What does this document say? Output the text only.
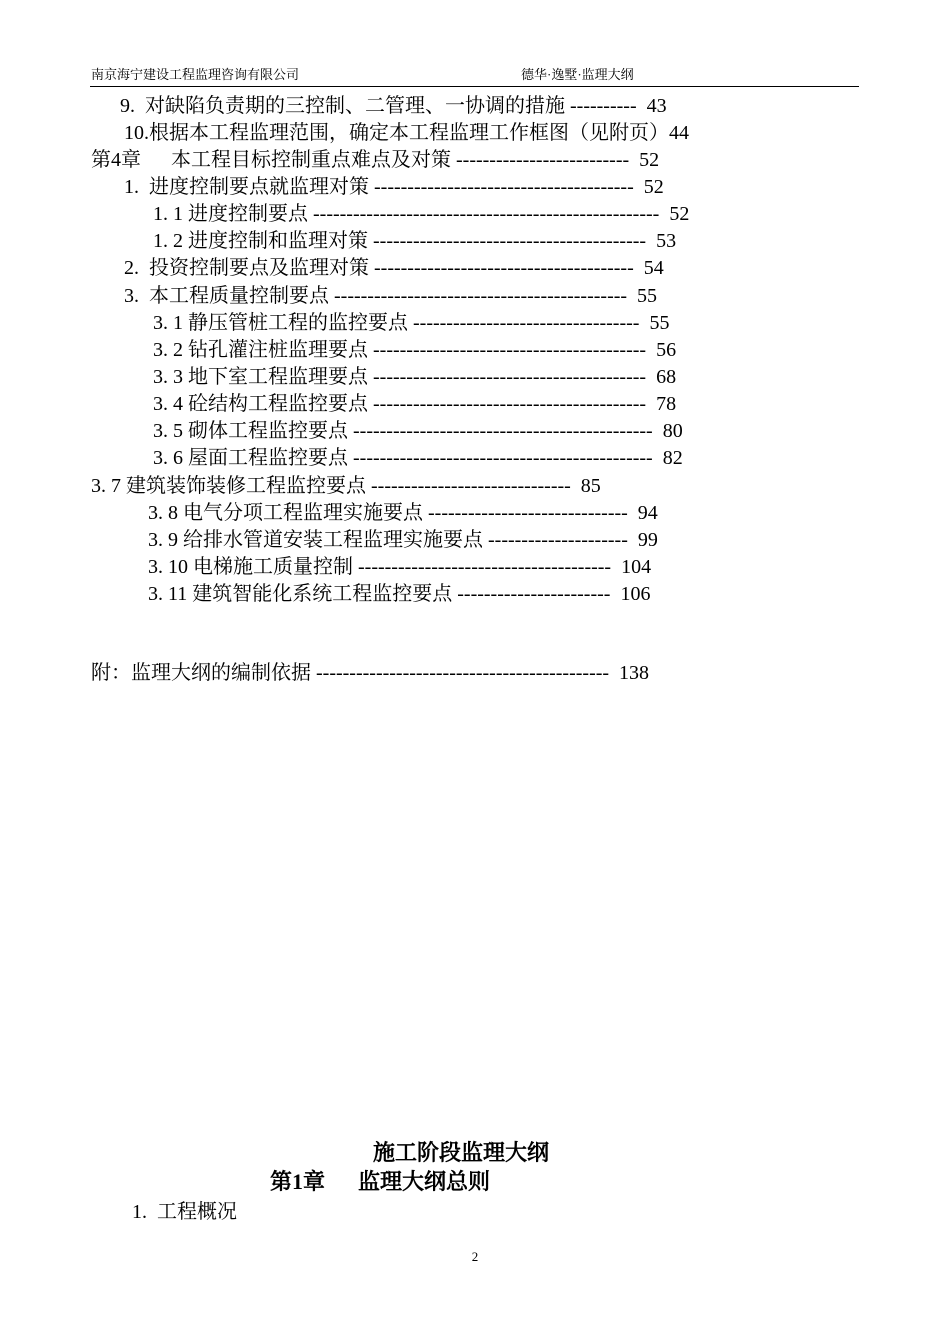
南京海宁建设工程监理咨询有限公司	德华·逸墅·监理大纲
9.  对缺陷负责期的三控制、二管理、一协调的措施 ----------  43
10.根据本工程监理范围，确定本工程监理工作框图（见附页）44
第4章      本工程目标控制重点难点及对策 --------------------------  52
1.  进度控制要点就监理对策 ---------------------------------------  52
1. 1 进度控制要点 ----------------------------------------------------  52
1. 2 进度控制和监理对策 -----------------------------------------  53
2.  投资控制要点及监理对策 ---------------------------------------  54
3.  本工程质量控制要点 --------------------------------------------  55
3. 1 静压管桩工程的监控要点 ----------------------------------  55
3. 2 钻孔灌注桩监理要点 -----------------------------------------  56
3. 3 地下室工程监理要点 -----------------------------------------  68
3. 4 砼结构工程监控要点 -----------------------------------------  78
3. 5 砌体工程监控要点 ---------------------------------------------  80
3. 6 屋面工程监控要点 ---------------------------------------------  82
3. 7 建筑装饰装修工程监控要点 ------------------------------  85
3. 8 电气分项工程监理实施要点 ------------------------------  94
3. 9 给排水管道安装工程监理实施要点 ---------------------  99
3. 10 电梯施工质量控制 --------------------------------------  104
3. 11 建筑智能化系统工程监控要点 -----------------------  106
附：监理大纲的编制依据 --------------------------------------------  138
施工阶段监理大纲
第1章      监理大纲总则
1.  工程概况
2
